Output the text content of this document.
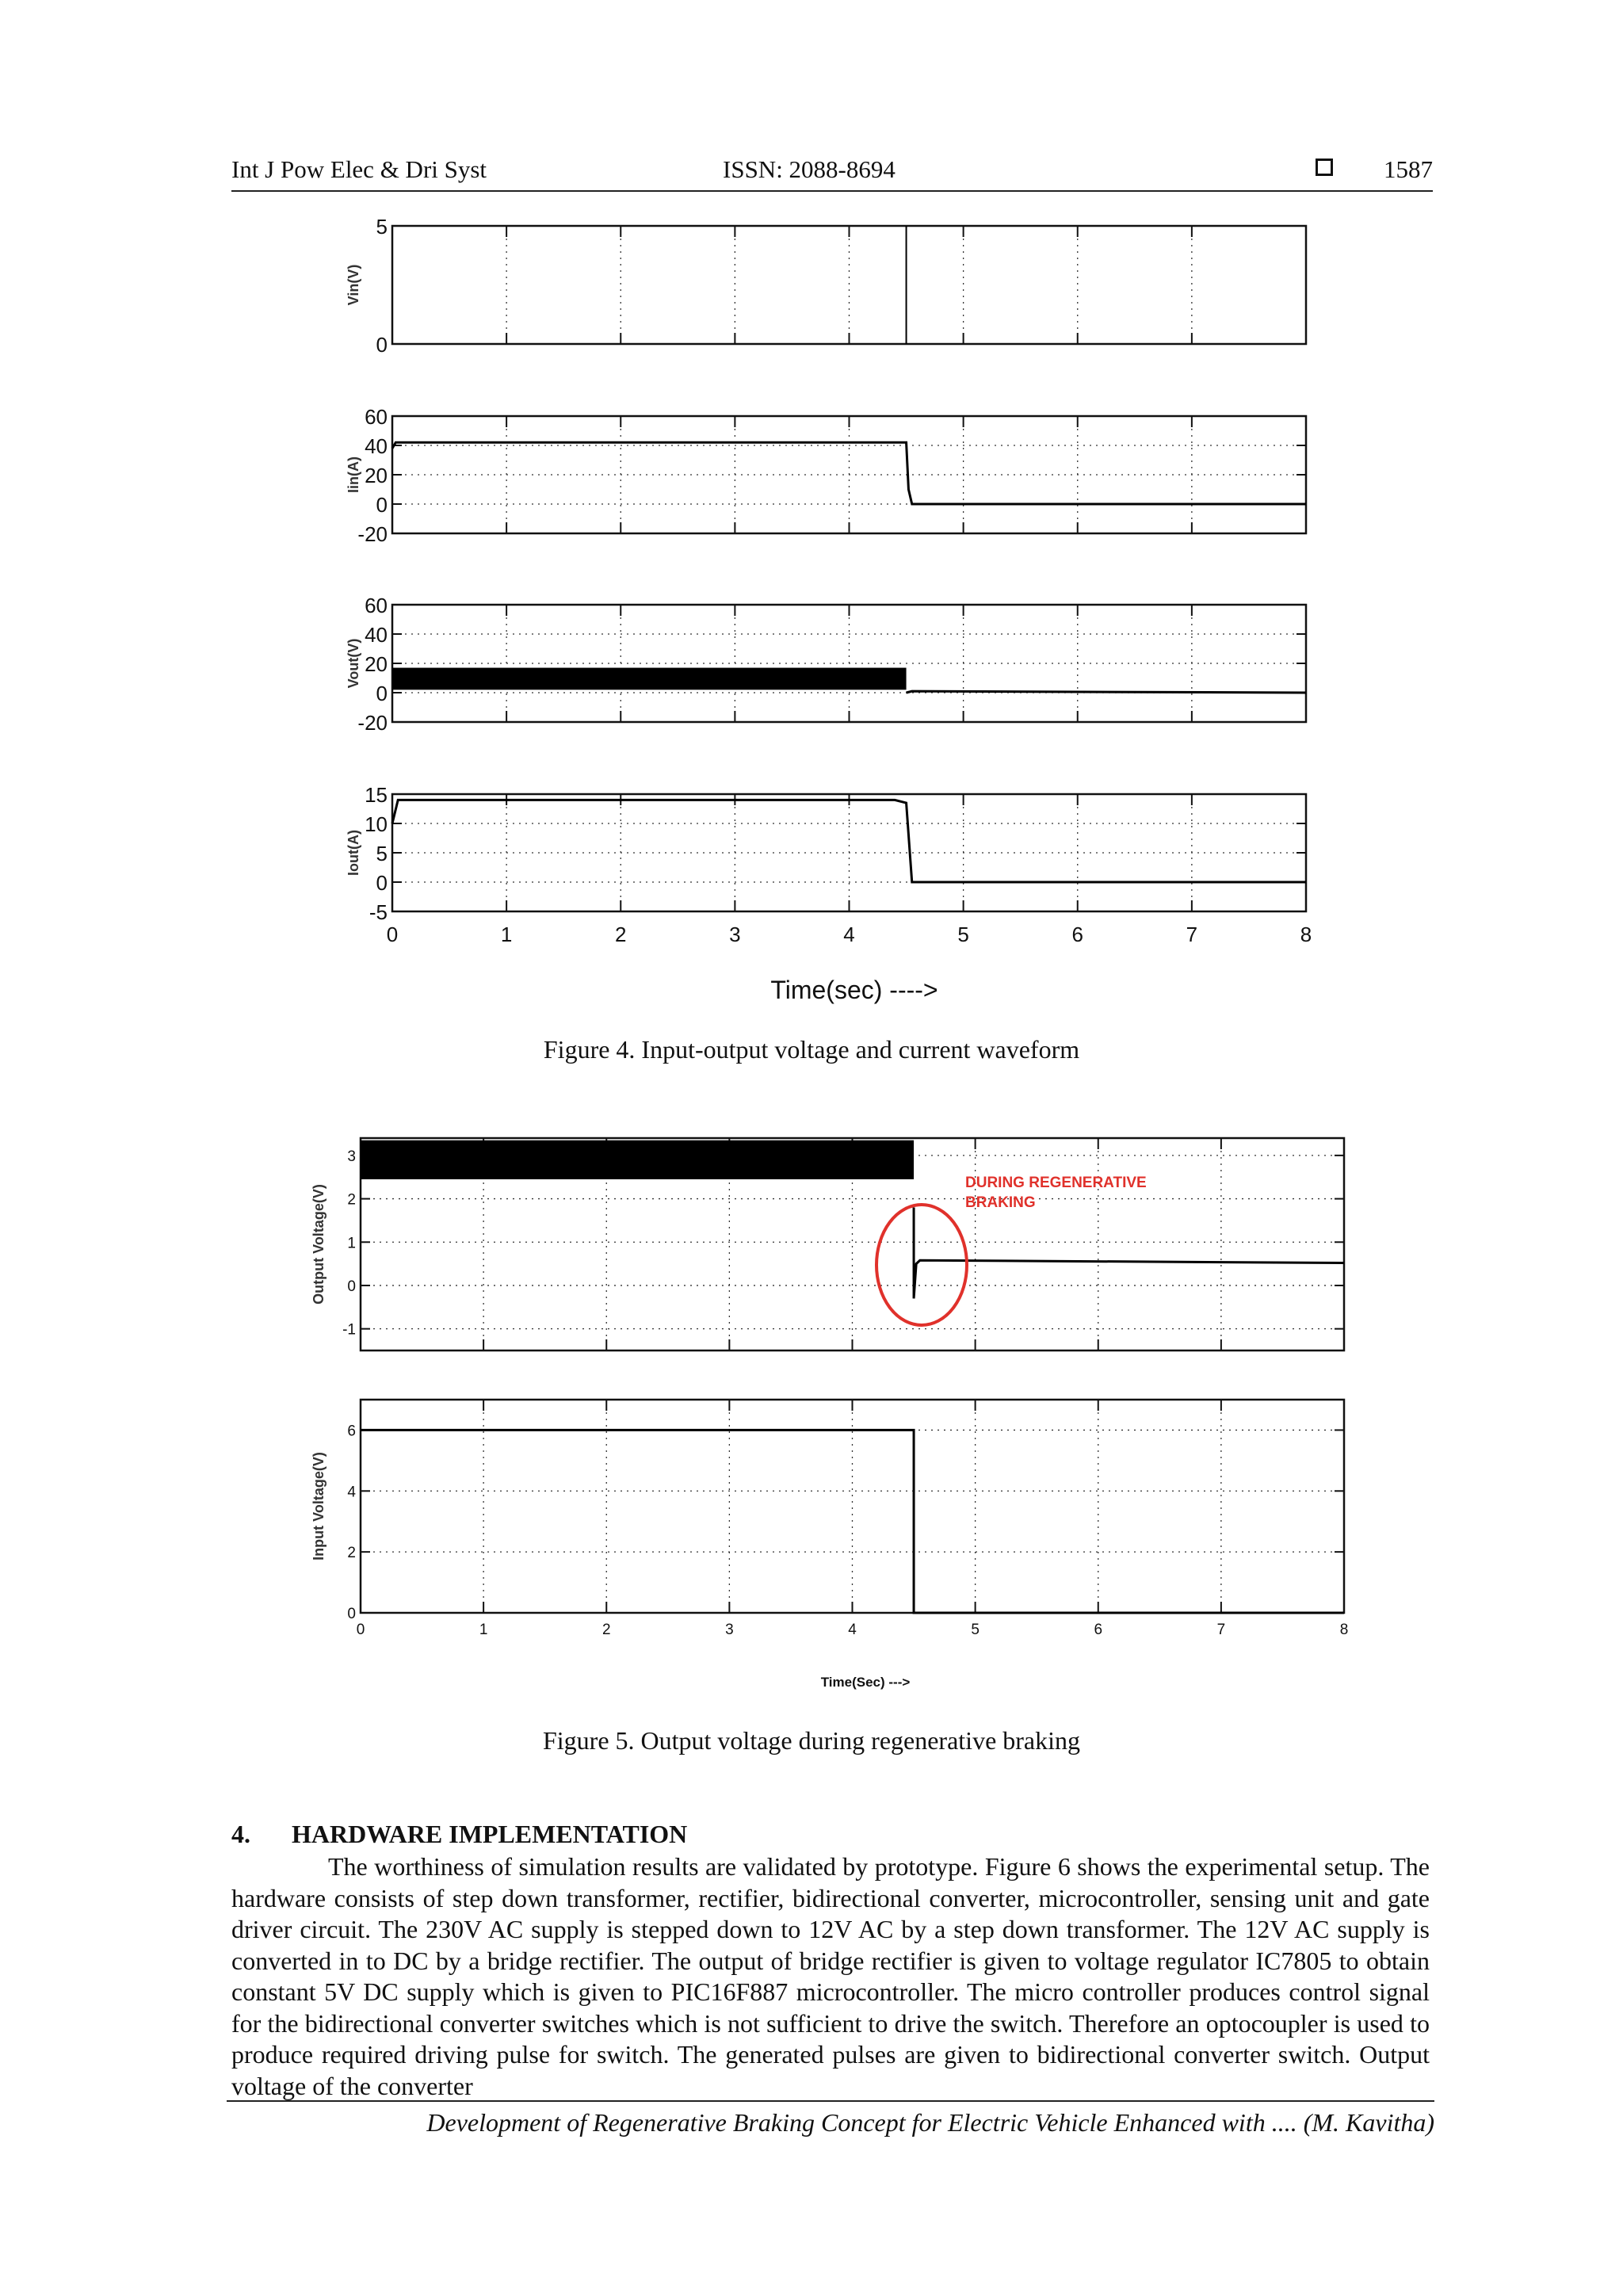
Int J Pow Elec & Dri Syst	ISSN: 2088-8694	1587
5
0
Vin(V)
60
40
20
0
-20
Iin(A)
60
40
20
0
-20
Vout(V)
15
10
5
0
-5
Iout(A)
0	1	2	3	4	5	6	7	8
Time(sec) ---->
Figure 4. Input-output voltage and current waveform
3
2
1
0
-1
Output Voltage(V)
6
4
2
0
Input Voltage(V)
0	1	2	3	4	5	6	7	8
Time(Sec) --->
DURING REGENERATIVE
BRAKING
Figure 5. Output voltage during regenerative braking
4. HARDWARE IMPLEMENTATION
The worthiness of simulation results are validated by prototype. Figure 6 shows the experimental setup. The hardware consists of step down transformer, rectifier, bidirectional converter, microcontroller, sensing unit and gate driver circuit. The 230V AC supply is stepped down to 12V AC by a step down transformer. The 12V AC supply is converted in to DC by a bridge rectifier. The output of bridge rectifier is given to voltage regulator IC7805 to obtain constant 5V DC supply which is given to PIC16F887 microcontroller. The micro controller produces control signal for the bidirectional converter switches which is not sufficient to drive the switch. Therefore an optocoupler is used to produce required driving pulse for switch. The generated pulses are given to bidirectional converter switch. Output voltage of the converter
Development of Regenerative Braking Concept for Electric Vehicle Enhanced with .... (M. Kavitha)
